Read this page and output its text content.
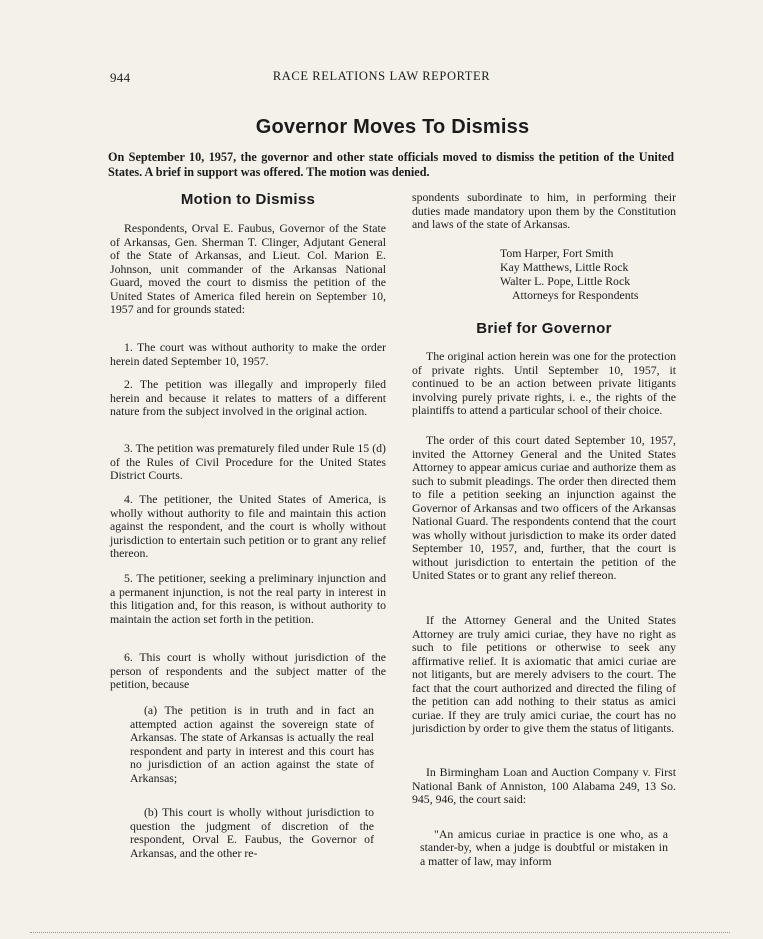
944	RACE RELATIONS LAW REPORTER
Governor Moves To Dismiss
On September 10, 1957, the governor and other state officials moved to dismiss the petition of the United States. A brief in support was offered. The motion was denied.
Motion to Dismiss

Respondents, Orval E. Faubus, Governor of the State of Arkansas, Gen. Sherman T. Clinger, Adjutant General of the State of Arkansas, and Lieut. Col. Marion E. Johnson, unit commander of the Arkansas National Guard, moved the court to dismiss the petition of the United States of America filed herein on September 10, 1957 and for grounds stated:

1. The court was without authority to make the order herein dated September 10, 1957.

2. The petition was illegally and improperly filed herein and because it relates to matters of a different nature from the subject involved in the original action.

3. The petition was prematurely filed under Rule 15 (d) of the Rules of Civil Procedure for the United States District Courts.

4. The petitioner, the United States of America, is wholly without authority to file and maintain this action against the respondent, and the court is wholly without jurisdiction to entertain such petition or to grant any relief thereon.

5. The petitioner, seeking a preliminary injunction and a permanent injunction, is not the real party in interest in this litigation and, for this reason, is without authority to maintain the action set forth in the petition.

6. This court is wholly without jurisdiction of the person of respondents and the subject matter of the petition, because

(a) The petition is in truth and in fact an attempted action against the sovereign state of Arkansas. The state of Arkansas is actually the real respondent and party in interest and this court has no jurisdiction of an action against the state of Arkansas;

(b) This court is wholly without jurisdiction to question the judgment of discretion of the respondent, Orval E. Faubus, the Governor of Arkansas, and the other re-

spondents subordinate to him, in performing their duties made mandatory upon them by the Constitution and laws of the state of Arkansas.

Tom Harper, Fort Smith
Kay Matthews, Little Rock
Walter L. Pope, Little Rock
Attorneys for Respondents
Brief for Governor

The original action herein was one for the protection of private rights. Until September 10, 1957, it continued to be an action between private litigants involving purely private rights, i. e., the rights of the plaintiffs to attend a particular school of their choice.

The order of this court dated September 10, 1957, invited the Attorney General and the United States Attorney to appear amicus curiae and authorize them as such to submit pleadings. The order then directed them to file a petition seeking an injunction against the Governor of Arkansas and two officers of the Arkansas National Guard. The respondents contend that the court was wholly without jurisdiction to make its order dated September 10, 1957, and, further, that the court is without jurisdiction to entertain the petition of the United States or to grant any relief thereon.

If the Attorney General and the United States Attorney are truly amici curiae, they have no right as such to file petitions or otherwise to seek any affirmative relief. It is axiomatic that amici curiae are not litigants, but are merely advisers to the court. The fact that the court authorized and directed the filing of the petition can add nothing to their status as amici curiae. If they are truly amici curiae, the court has no jurisdiction by order to give them the status of litigants.

In Birmingham Loan and Auction Company v. First National Bank of Anniston, 100 Alabama 249, 13 So. 945, 946, the court said:

"An amicus curiae in practice is one who, as a stander-by, when a judge is doubtful or mistaken in a matter of law, may inform
